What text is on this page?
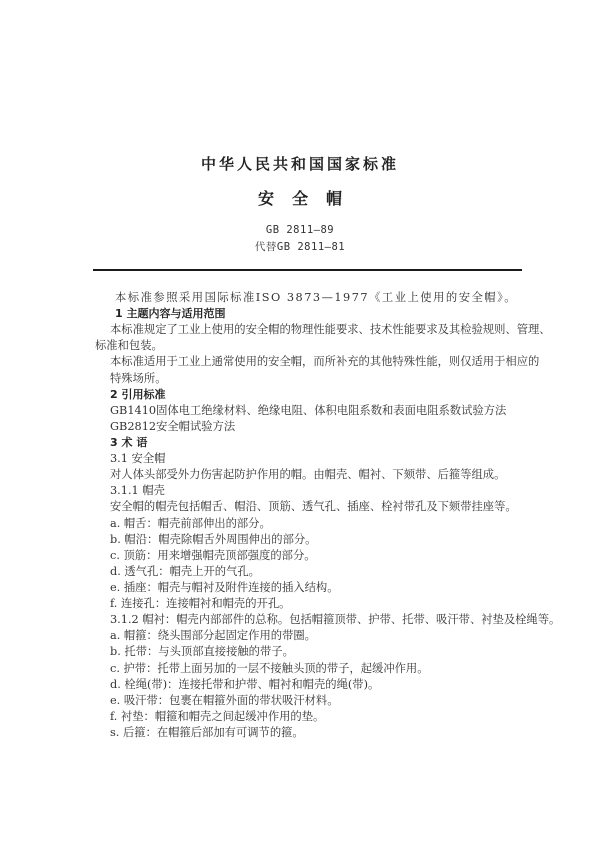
中华人民共和国国家标准
安全帽
GB 2811—89
代替GB 2811—81
本标准参照采用国际标准ISO 3873—1977《工业上使用的安全帽》。
1 主题内容与适用范围
本标准规定了工业上使用的安全帽的物理性能要求、技术性能要求及其检验规则、管理、
标准和包装。
本标准适用于工业上通常使用的安全帽，而所补充的其他特殊性能，则仅适用于相应的
特殊场所。
2 引用标准
GB1410固体电工绝缘材料、绝缘电阻、体积电阻系数和表面电阻系数试验方法
GB2812安全帽试验方法
3 术 语
3.1 安全帽
对人体头部受外力伤害起防护作用的帽。由帽壳、帽衬、下颏带、后箍等组成。
3.1.1 帽壳
安全帽的帽壳包括帽舌、帽沿、顶筋、透气孔、插座、栓衬带孔及下颏带挂座等。
a. 帽舌：帽壳前部伸出的部分。
b. 帽沿：帽壳除帽舌外周围伸出的部分。
c. 顶筋：用来增强帽壳顶部强度的部分。
d. 透气孔：帽壳上开的气孔。
e. 插座：帽壳与帽衬及附件连接的插入结构。
f. 连接孔：连接帽衬和帽壳的开孔。
3.1.2 帽衬：帽壳内部部件的总称。包括帽箍顶带、护带、托带、吸汗带、衬垫及栓绳等。
a. 帽箍：绕头围部分起固定作用的带圈。
b. 托带：与头顶部直接接触的带子。
c. 护带：托带上面另加的一层不接触头顶的带子，起缓冲作用。
d. 栓绳(带)：连接托带和护带、帽衬和帽壳的绳(带)。
e. 吸汗带：包裹在帽箍外面的带状吸汗材料。
f. 衬垫：帽箍和帽壳之间起缓冲作用的垫。
s. 后箍：在帽箍后部加有可调节的箍。
